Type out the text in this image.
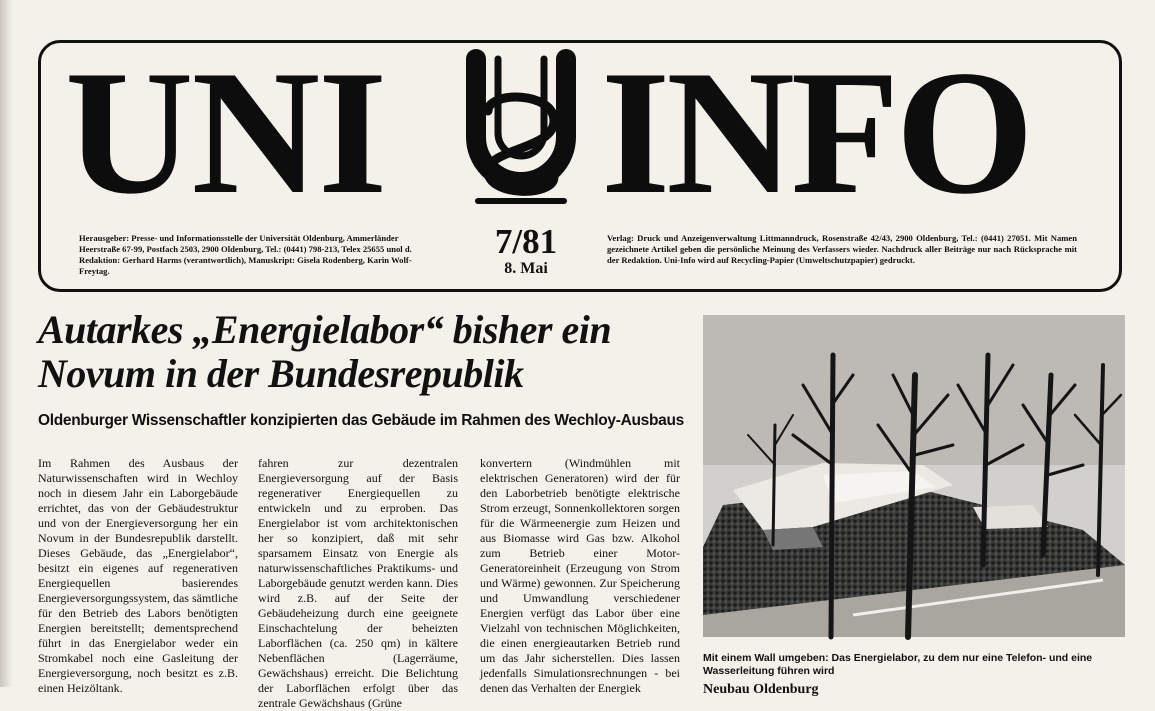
UNI INFO

Herausgeber: Presse- und Informationsstelle der Universität Oldenburg, Ammerländer Heerstraße 67-99, Postfach 2503, 2900 Oldenburg, Tel.: (0441) 798-213, Telex 25655 unol d. Redaktion: Gerhard Harms (verantwortlich), Manuskript: Gisela Rodenberg, Karin Wolf-Freytag.

7/81
8. Mai

Verlag: Druck und Anzeigenverwaltung Littmanndruck, Rosenstraße 42/43, 2900 Oldenburg, Tel.: (0441) 27051. Mit Namen gezeichnete Artikel geben die persönliche Meinung des Verfassers wieder. Nachdruck aller Beiträge nur nach Rücksprache mit der Redaktion. Uni-Info wird auf Recycling-Papier (Umweltschutzpapier) gedruckt.

Autarkes „Energielabor“ bisher ein Novum in der Bundesrepublik
Oldenburger Wissenschaftler konzipierten das Gebäude im Rahmen des Wechloy-Ausbaus

Im Rahmen des Ausbaus der Naturwissenschaften wird in Wechloy noch in diesem Jahr ein Laborgebäude errichtet, das von der Gebäudestruktur und von der Energieversorgung her ein Novum in der Bundesrepublik darstellt. Dieses Gebäude, das „Energielabor“, besitzt ein eigenes auf regenerativen Energiequellen basierendes Energieversorgungssystem, das sämtliche für den Betrieb des Labors benötigten Energien bereitstellt; dementsprechend führt in das Energielabor weder ein Stromkabel noch eine Gasleitung der Energieversorgung, noch besitzt es z.B. einen Heizöltank.

fahren zur dezentralen Energieversorgung auf der Basis regenerativer Energiequellen zu entwickeln und zu erproben. Das Energielabor ist vom architektonischen her so konzipiert, daß mit sehr sparsamem Einsatz von Energie als naturwissenschaftliches Praktikums- und Laborgebäude genutzt werden kann. Dies wird z.B. auf der Seite der Gebäudeheizung durch eine geeignete Einschachtelung der beheizten Laborflächen (ca. 250 qm) in kältere Nebenflächen (Lagerräume, Gewächshaus) erreicht. Die Belichtung der Laborflächen erfolgt über das zentrale Gewächshaus (Grüne

konvertern (Windmühlen mit elektrischen Generatoren) wird der für den Laborbetrieb benötigte elektrische Strom erzeugt, Sonnenkollektoren sorgen für die Wärmeenergie zum Heizen und aus Biomasse wird Gas bzw. Alkohol zum Betrieb einer Motor-Generatoreinheit (Erzeugung von Strom und Wärme) gewonnen. Zur Speicherung und Umwandlung verschiedener Energien verfügt das Labor über eine Vielzahl von technischen Möglichkeiten, die einen energieautarken Betrieb rund um das Jahr sicherstellen. Dies lassen jedenfalls Simulationsrechnungen - bei denen das Verhalten der Energiek

Mit einem Wall umgeben: Das Energielabor, zu dem nur eine Telefon- und eine Wasserleitung führen wird

Neubau Oldenburg
